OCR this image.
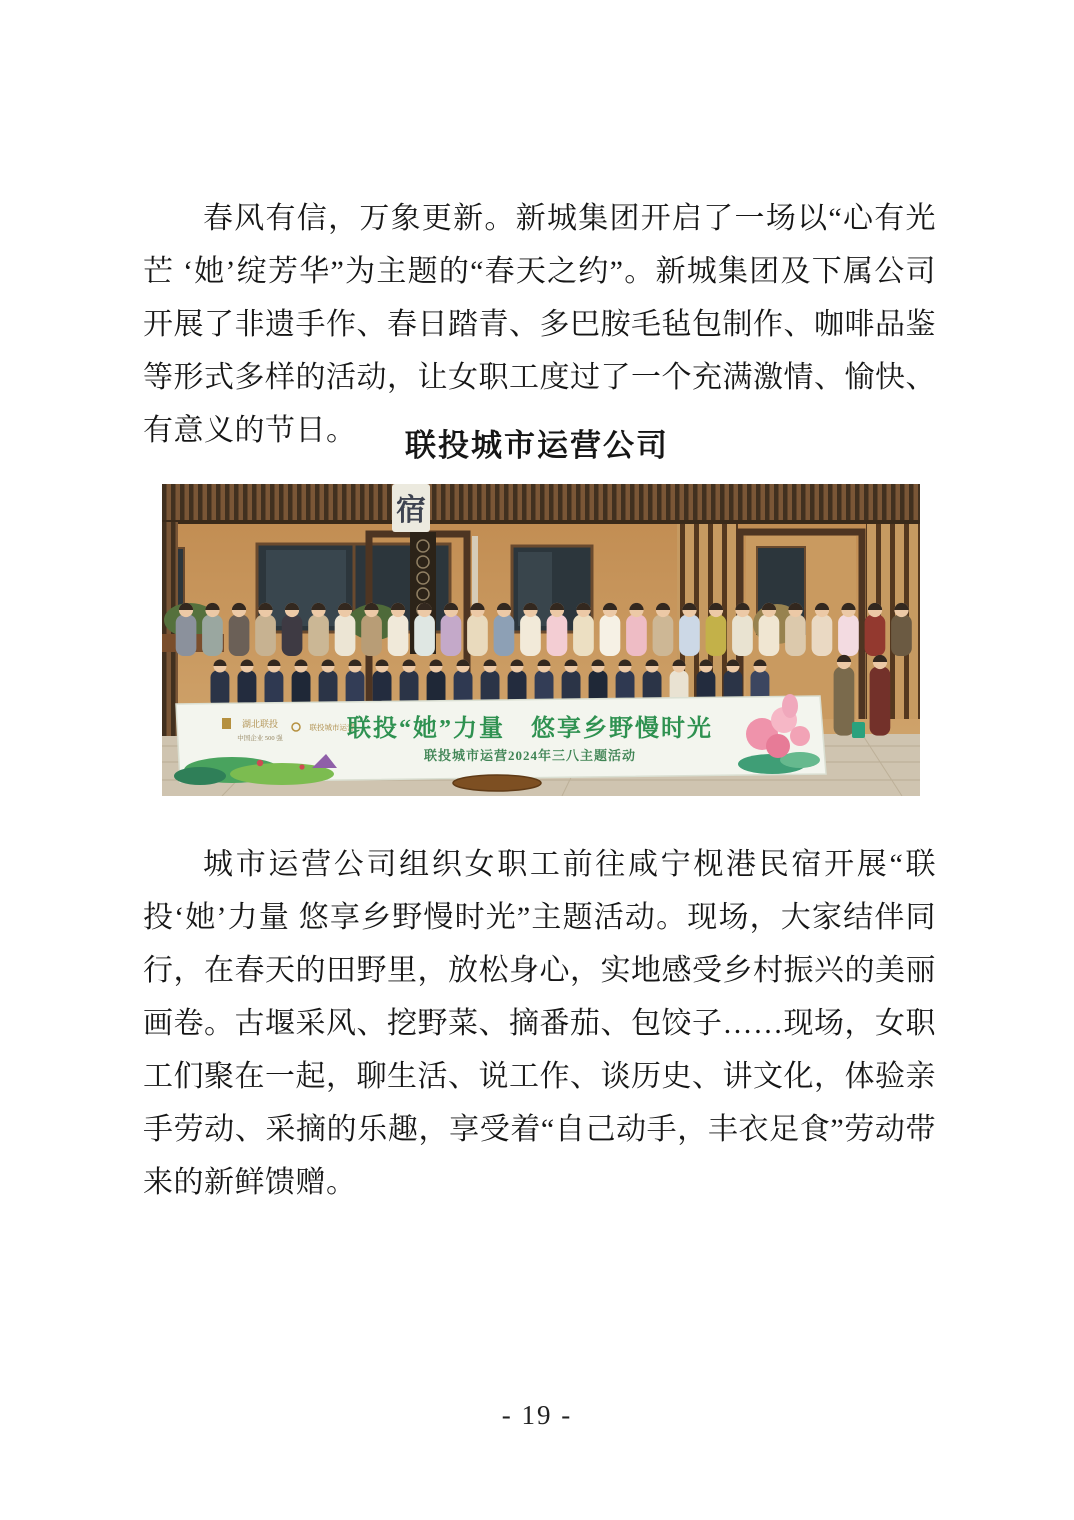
春风有信，万象更新。新城集团开启了一场以“心有光芒 ‘她’绽芳华”为主题的“春天之约”。新城集团及下属公司开展了非遗手作、春日踏青、多巴胺毛毡包制作、咖啡品鉴等形式多样的活动，让女职工度过了一个充满激情、愉快、有意义的节日。	联投城市运营公司
宿
湖北联投
中国企业 500 强
联投城市运营
联投“她”力量　悠享乡野慢时光
联投城市运营2024年三八主题活动

城市运营公司组织女职工前往咸宁枧港民宿开展“联投‘她’力量 悠享乡野慢时光”主题活动。现场，大家结伴同行，在春天的田野里，放松身心，实地感受乡村振兴的美丽画卷。古堰采风、挖野菜、摘番茄、包饺子……现场，女职工们聚在一起，聊生活、说工作、谈历史、讲文化，体验亲手劳动、采摘的乐趣，享受着“自己动手，丰衣足食”劳动带来的新鲜馈赠。

- 19 -
